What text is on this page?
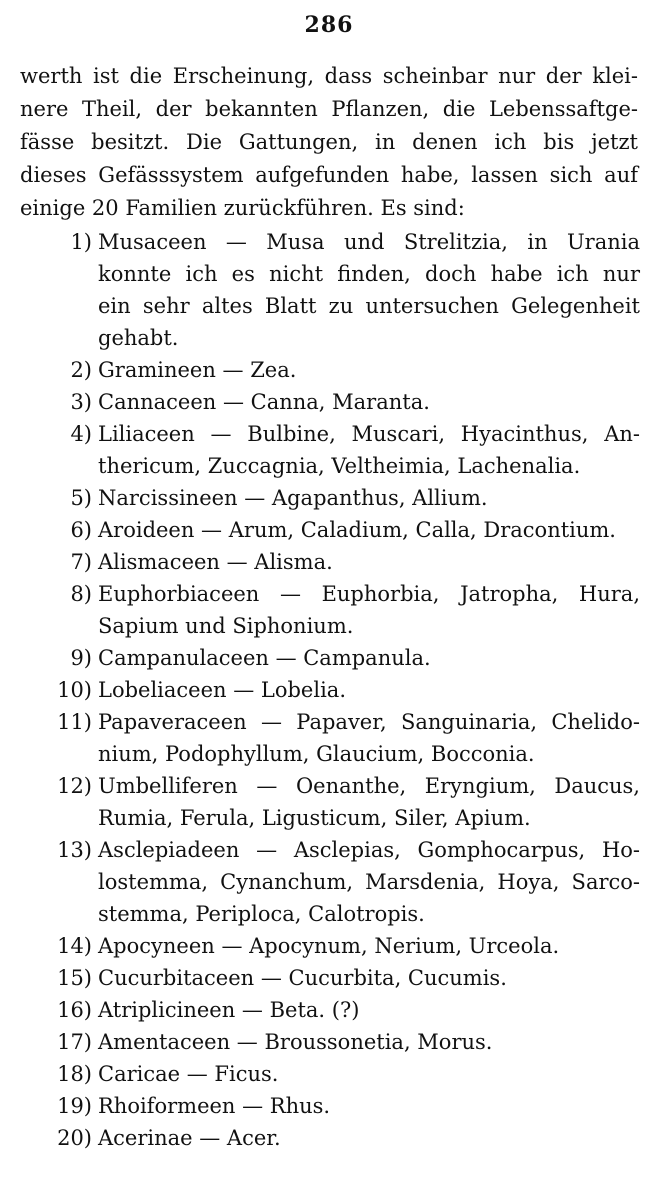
286
werth ist die Erscheinung, dass scheinbar nur der klei-
nere Theil, der bekannten Pflanzen, die Lebenssaftge-
fässe besitzt. Die Gattungen, in denen ich bis jetzt
dieses Gefässsystem aufgefunden habe, lassen sich auf
einige 20 Familien zurückführen. Es sind:
1) Musaceen — Musa und Strelitzia, in Urania
konnte ich es nicht finden, doch habe ich nur
ein sehr altes Blatt zu untersuchen Gelegenheit
gehabt.
2) Gramineen — Zea.
3) Cannaceen — Canna, Maranta.
4) Liliaceen — Bulbine, Muscari, Hyacinthus, An-
thericum, Zuccagnia, Veltheimia, Lachenalia.
5) Narcissineen — Agapanthus, Allium.
6) Aroideen — Arum, Caladium, Calla, Dracontium.
7) Alismaceen — Alisma.
8) Euphorbiaceen — Euphorbia, Jatropha, Hura,
Sapium und Siphonium.
9) Campanulaceen — Campanula.
10) Lobeliaceen — Lobelia.
11) Papaveraceen — Papaver, Sanguinaria, Chelido-
nium, Podophyllum, Glaucium, Bocconia.
12) Umbelliferen — Oenanthe, Eryngium, Daucus,
Rumia, Ferula, Ligusticum, Siler, Apium.
13) Asclepiadeen — Asclepias, Gomphocarpus, Ho-
lostemma, Cynanchum, Marsdenia, Hoya, Sarco-
stemma, Periploca, Calotropis.
14) Apocyneen — Apocynum, Nerium, Urceola.
15) Cucurbitaceen — Cucurbita, Cucumis.
16) Atriplicineen — Beta. (?)
17) Amentaceen — Broussonetia, Morus.
18) Caricae — Ficus.
19) Rhoiformeen — Rhus.
20) Acerinae — Acer.
